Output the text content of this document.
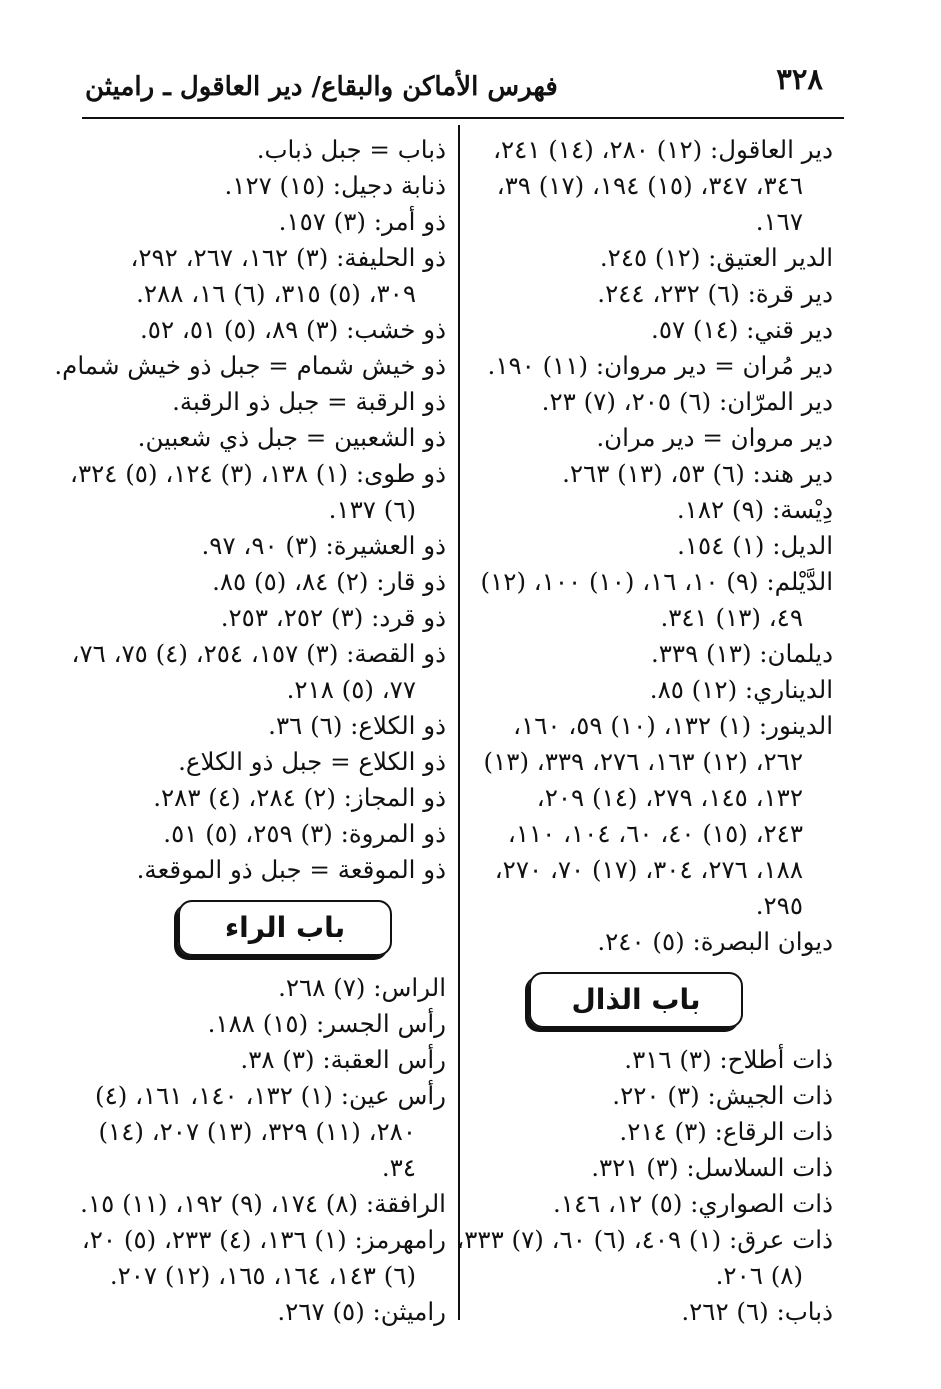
٣٢٨
فهرس الأماكن والبقاع/ دير العاقول ـ راميثن
دير العاقول: (١٢) ٢٨٠، (١٤) ٢٤١،
٣٤٦، ٣٤٧، (١٥) ١٩٤، (١٧) ٣٩،
١٦٧.
الدير العتيق: (١٢) ٢٤٥.
دير قرة: (٦) ٢٣٢، ٢٤٤.
دير قني: (١٤) ٥٧.
دير مُران = دير مروان: (١١) ١٩٠.
دير المرّان: (٦) ٢٠٥، (٧) ٢٣.
دير مروان = دير مران.
دير هند: (٦) ٥٣، (١٣) ٢٦٣.
دِيْسة: (٩) ١٨٢.
الديل: (١) ١٥٤.
الدَّيْلم: (٩) ١٠، ١٦، (١٠) ١٠٠، (١٢)
٤٩، (١٣) ٣٤١.
ديلمان: (١٣) ٣٣٩.
الديناري: (١٢) ٨٥.
الدينور: (١) ١٣٢، (١٠) ٥٩، ١٦٠،
٢٦٢، (١٢) ١٦٣، ٢٧٦، ٣٣٩، (١٣)
١٣٢، ١٤٥، ٢٧٩، (١٤) ٢٠٩،
٢٤٣، (١٥) ٤٠، ٦٠، ١٠٤، ١١٠،
١٨٨، ٢٧٦، ٣٠٤، (١٧) ٧٠، ٢٧٠،
٢٩٥.
ديوان البصرة: (٥) ٢٤٠.
باب الذال
ذات أطلاح: (٣) ٣١٦.
ذات الجيش: (٣) ٢٢٠.
ذات الرقاع: (٣) ٢١٤.
ذات السلاسل: (٣) ٣٢١.
ذات الصواري: (٥) ١٢، ١٤٦.
ذات عرق: (١) ٤٠٩، (٦) ٦٠، (٧) ٣٣٣،
(٨) ٢٠٦.
ذباب: (٦) ٢٦٢.
ذباب = جبل ذباب.
ذنابة دجيل: (١٥) ١٢٧.
ذو أمر: (٣) ١٥٧.
ذو الحليفة: (٣) ١٦٢، ٢٦٧، ٢٩٢،
٣٠٩، (٥) ٣١٥، (٦) ١٦، ٢٨٨.
ذو خشب: (٣) ٨٩، (٥) ٥١، ٥٢.
ذو خيش شمام = جبل ذو خيش شمام.
ذو الرقبة = جبل ذو الرقبة.
ذو الشعبين = جبل ذي شعبين.
ذو طوى: (١) ١٣٨، (٣) ١٢٤، (٥) ٣٢٤،
(٦) ١٣٧.
ذو العشيرة: (٣) ٩٠، ٩٧.
ذو قار: (٢) ٨٤، (٥) ٨٥.
ذو قرد: (٣) ٢٥٢، ٢٥٣.
ذو القصة: (٣) ١٥٧، ٢٥٤، (٤) ٧٥، ٧٦،
٧٧، (٥) ٢١٨.
ذو الكلاع: (٦) ٣٦.
ذو الكلاع = جبل ذو الكلاع.
ذو المجاز: (٢) ٢٨٤، (٤) ٢٨٣.
ذو المروة: (٣) ٢٥٩، (٥) ٥١.
ذو الموقعة = جبل ذو الموقعة.
باب الراء
الراس: (٧) ٢٦٨.
رأس الجسر: (١٥) ١٨٨.
رأس العقبة: (٣) ٣٨.
رأس عين: (١) ١٣٢، ١٤٠، ١٦١، (٤)
٢٨٠، (١١) ٣٢٩، (١٣) ٢٠٧، (١٤)
٣٤.
الرافقة: (٨) ١٧٤، (٩) ١٩٢، (١١) ١٥.
رامهرمز: (١) ١٣٦، (٤) ٢٣٣، (٥) ٢٠،
(٦) ١٤٣، ١٦٤، ١٦٥، (١٢) ٢٠٧.
راميثن: (٥) ٢٦٧.
